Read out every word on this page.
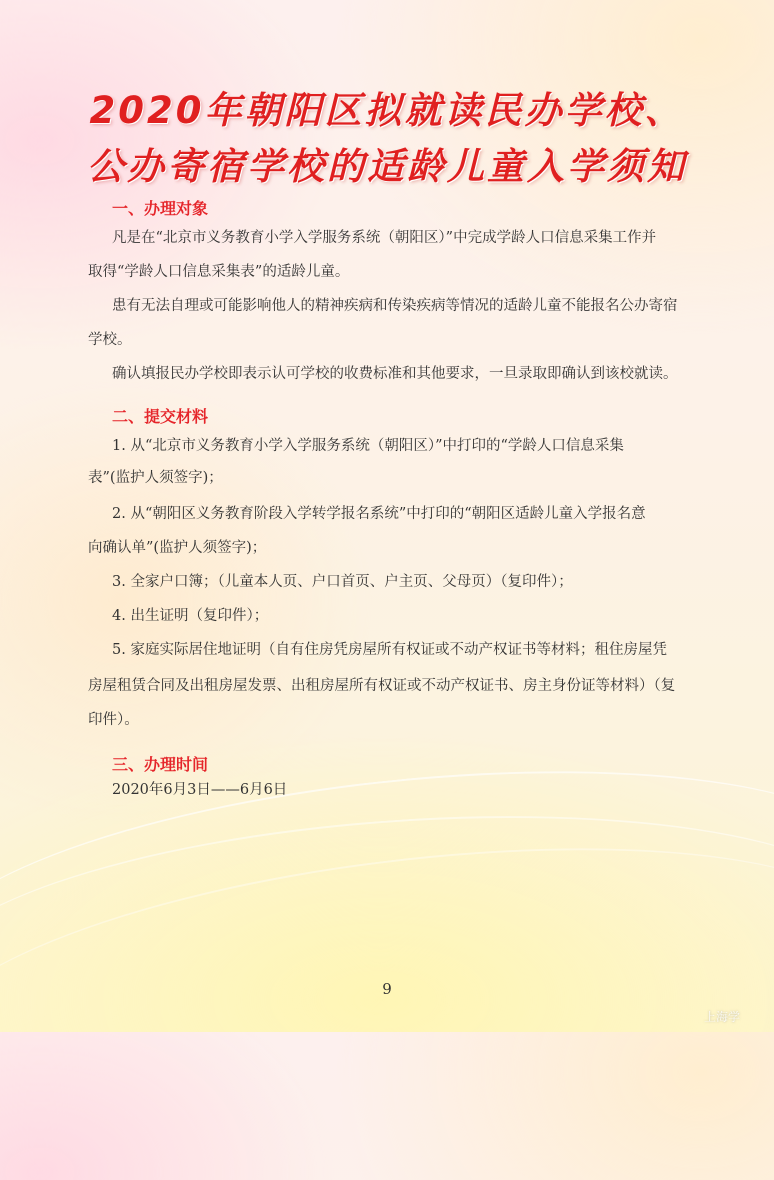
2020年朝阳区拟就读民办学校、
公办寄宿学校的适龄儿童入学须知
一、办理对象
凡是在“北京市义务教育小学入学服务系统（朝阳区）”中完成学龄人口信息采集工作并
取得“学龄人口信息采集表”的适龄儿童。
患有无法自理或可能影响他人的精神疾病和传染疾病等情况的适龄儿童不能报名公办寄宿
学校。
确认填报民办学校即表示认可学校的收费标准和其他要求，一旦录取即确认到该校就读。
二、提交材料
1. 从“北京市义务教育小学入学服务系统（朝阳区）”中打印的“学龄人口信息采集
表”(监护人须签字)；
2. 从“朝阳区义务教育阶段入学转学报名系统”中打印的“朝阳区适龄儿童入学报名意
向确认单”(监护人须签字)；
3. 全家户口簿；（儿童本人页、户口首页、户主页、父母页）（复印件）；
4. 出生证明（复印件）；
5. 家庭实际居住地证明（自有住房凭房屋所有权证或不动产权证书等材料；租住房屋凭
房屋租赁合同及出租房屋发票、出租房屋所有权证或不动产权证书、房主身份证等材料）（复
印件）。
三、办理时间
2020年6月3日——6月6日
9
上海学
